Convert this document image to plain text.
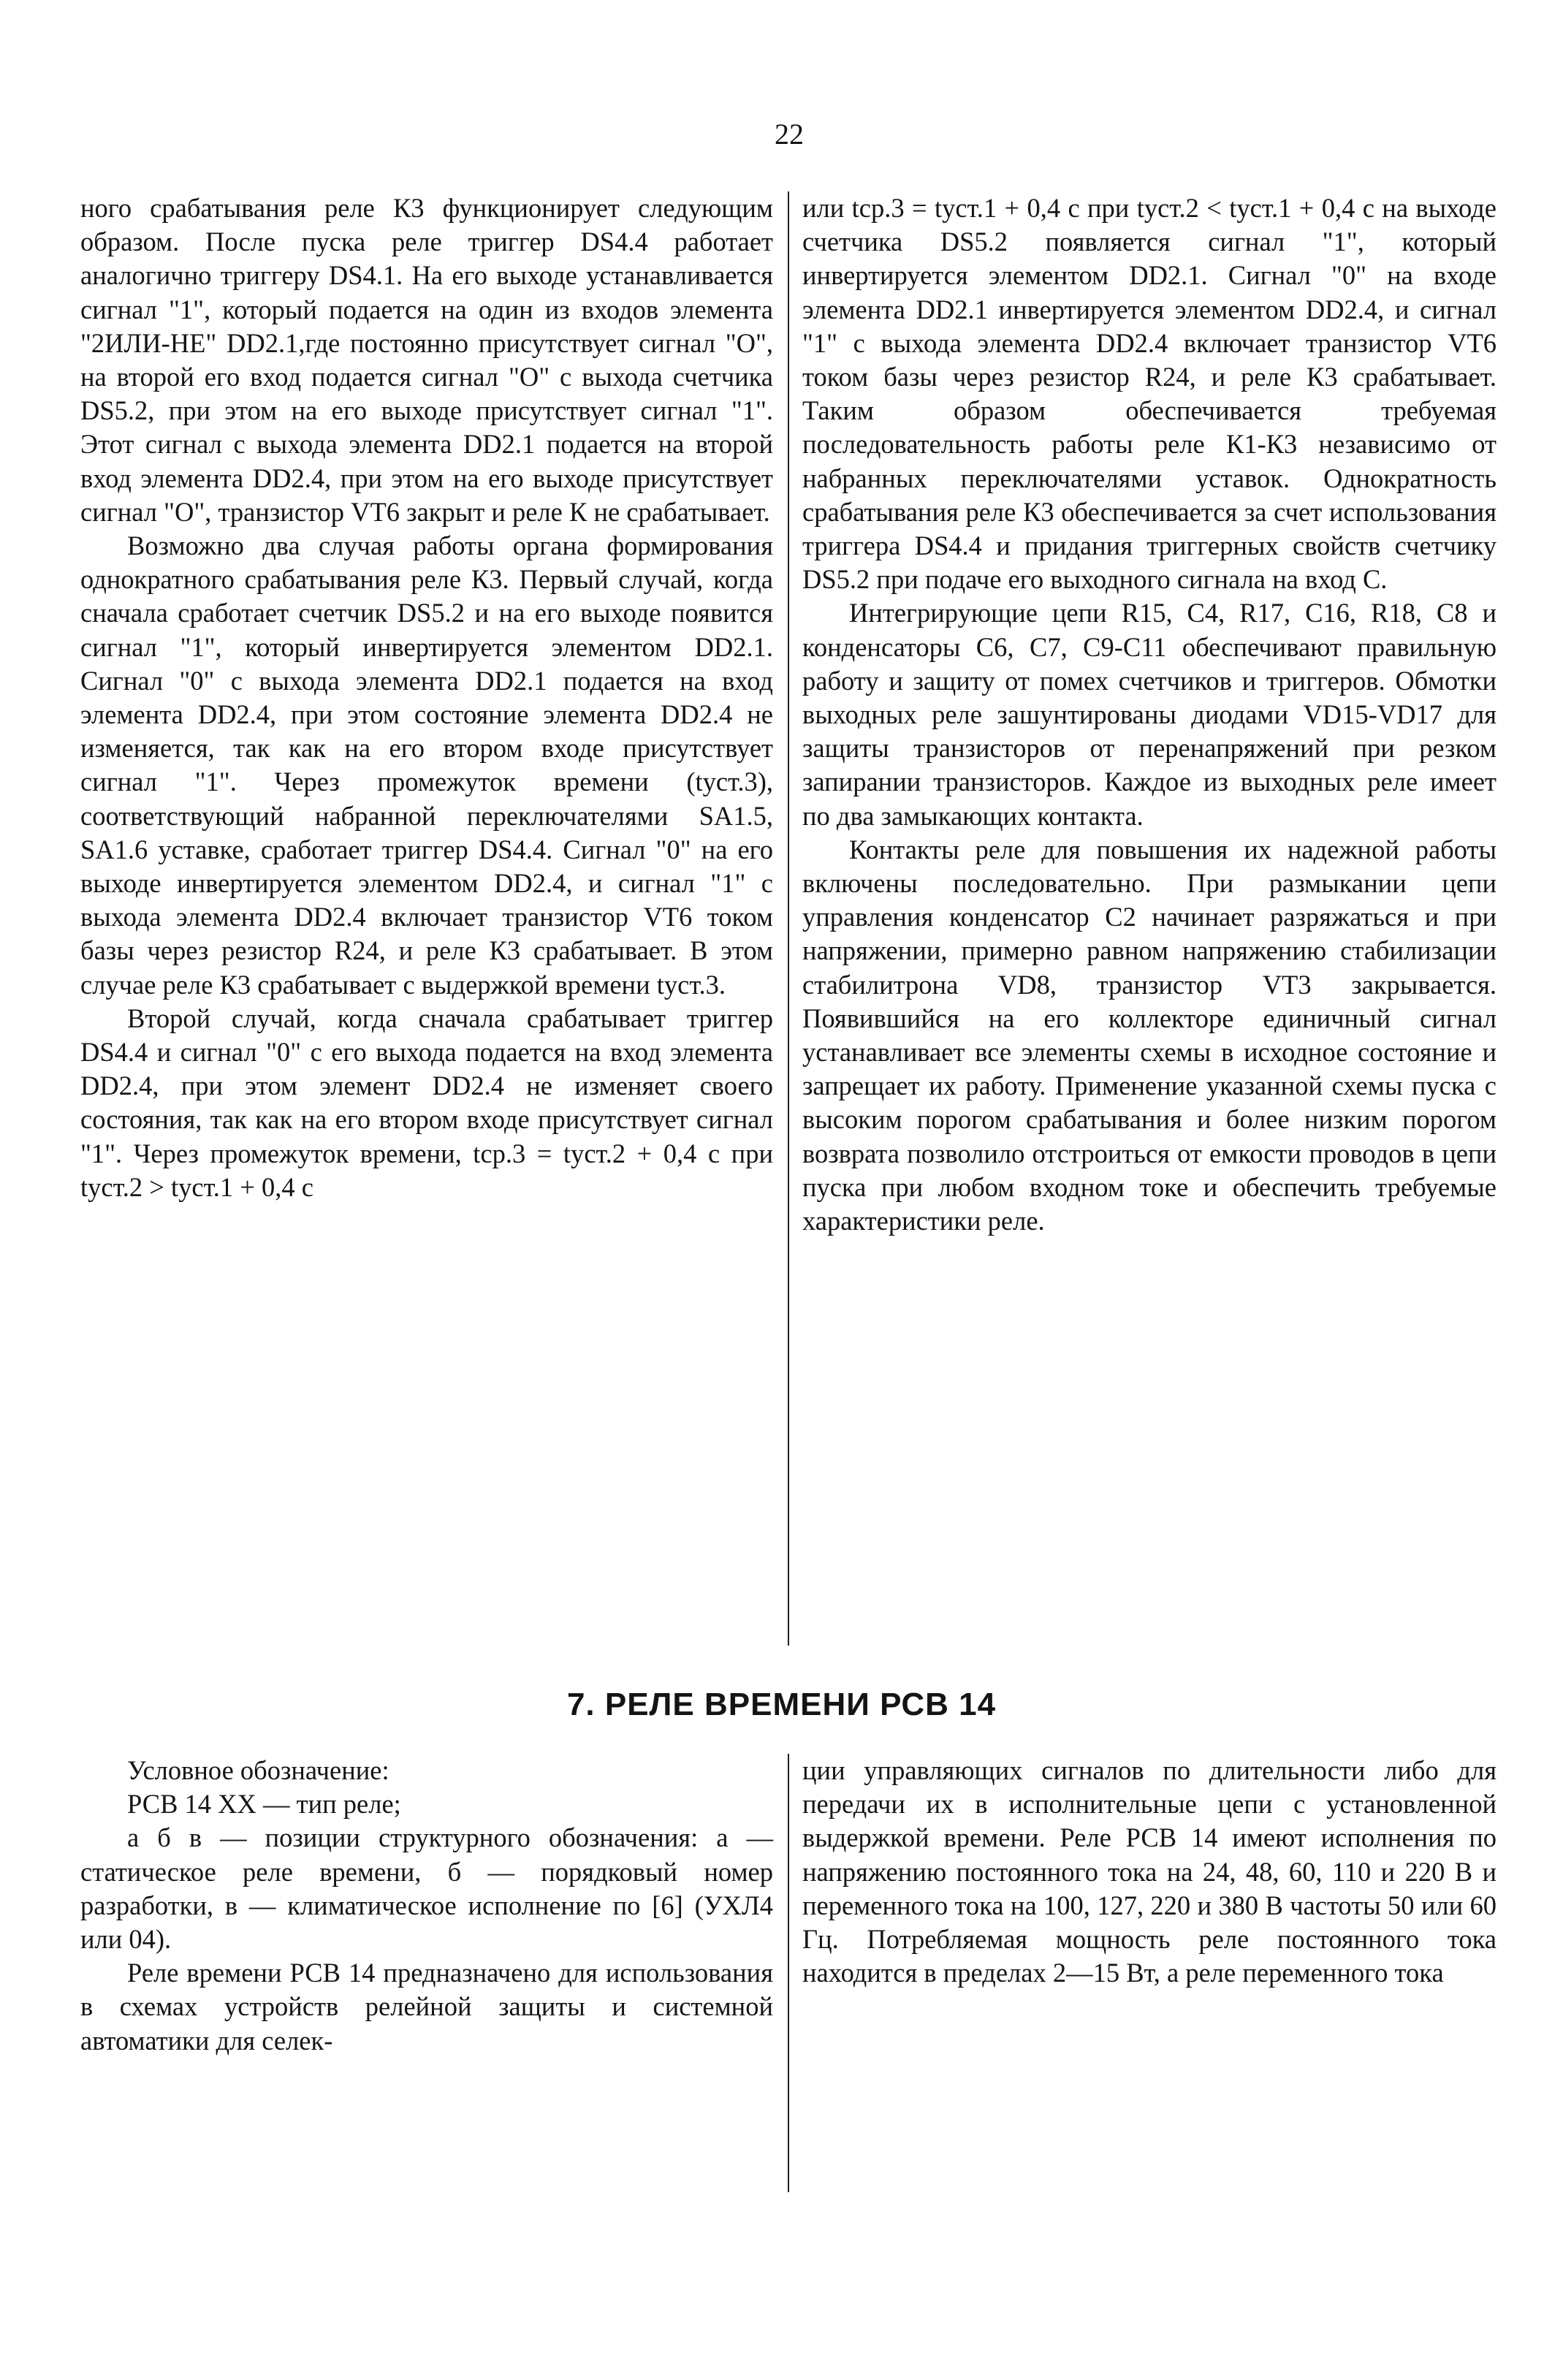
22

ного срабатывания реле К3 функционирует следующим образом. После пуска реле триггер DS4.4 работает аналогично триггеру DS4.1. На его выходе устанавливается сигнал "1", который подается на один из входов элемента "2ИЛИ-НЕ" DD2.1,где постоянно присутствует сигнал "О", на второй его вход подается сигнал "О" с выхода счетчика DS5.2, при этом на его выходе присутствует сигнал "1". Этот сигнал с выхода элемента DD2.1 подается на второй вход элемента DD2.4, при этом на его выходе присутствует сигнал "О", транзистор VT6 закрыт и реле К не срабатывает.

Возможно два случая работы органа формирования однократного срабатывания реле К3. Первый случай, когда сначала сработает счетчик DS5.2 и на его выходе появится сигнал "1", который инвертируется элементом DD2.1. Сигнал "0" с выхода элемента DD2.1 подается на вход элемента DD2.4, при этом состояние элемента DD2.4 не изменяется, так как на его втором входе присутствует сигнал "1". Через промежуток времени (tуст.3), соответствующий набранной переключателями SA1.5, SA1.6 уставке, сработает триггер DS4.4. Сигнал "0" на его выходе инвертируется элементом DD2.4, и сигнал "1" с выхода элемента DD2.4 включает транзистор VT6 током базы через резистор R24, и реле К3 срабатывает. В этом случае реле К3 срабатывает с выдержкой времени tуст.3.

Второй случай, когда сначала срабатывает триггер DS4.4 и сигнал "0" с его выхода подается на вход элемента DD2.4, при этом элемент DD2.4 не изменяет своего состояния, так как на его втором входе присутствует сигнал "1". Через промежуток времени, tср.3 = tуст.2 + 0,4 с при tуст.2 > tуст.1 + 0,4 с

или tср.3 = tуст.1 + 0,4 с при tуст.2 < tуст.1 + 0,4 с на выходе счетчика DS5.2 появляется сигнал "1", который инвертируется элементом DD2.1. Сигнал "0" на входе элемента DD2.1 инвертируется элементом DD2.4, и сигнал "1" с выхода элемента DD2.4 включает транзистор VT6 током базы через резистор R24, и реле К3 срабатывает. Таким образом обеспечивается требуемая последовательность работы реле К1-К3 независимо от набранных переключателями уставок. Однократность срабатывания реле К3 обеспечивается за счет использования триггера DS4.4 и придания триггерных свойств счетчику DS5.2 при подаче его выходного сигнала на вход С.

Интегрирующие цепи R15, С4, R17, С16, R18, С8 и конденсаторы С6, С7, С9-С11 обеспечивают правильную работу и защиту от помех счетчиков и триггеров. Обмотки выходных реле зашунтированы диодами VD15-VD17 для защиты транзисторов от перенапряжений при резком запирании транзисторов. Каждое из выходных реле имеет по два замыкающих контакта.

Контакты реле для повышения их надежной работы включены последовательно. При размыкании цепи управления конденсатор С2 начинает разряжаться и при напряжении, примерно равном напряжению стабилизации стабилитрона VD8, транзистор VT3 закрывается. Появившийся на его коллекторе единичный сигнал устанавливает все элементы схемы в исходное состояние и запрещает их работу. Применение указанной схемы пуска с высоким порогом срабатывания и более низким порогом возврата позволило отстроиться от емкости проводов в цепи пуска при любом входном токе и обеспечить требуемые характеристики реле.

7. РЕЛЕ ВРЕМЕНИ РСВ 14

Условное обозначение:

РСВ 14 XX — тип реле;

а б в — позиции структурного обозначения: а — статическое реле времени, б — порядковый номер разработки, в — климатическое исполнение по [6] (УХЛ4 или 04).

Реле времени РСВ 14 предназначено для использования в схемах устройств релейной защиты и системной автоматики для селек-

ции управляющих сигналов по длительности либо для передачи их в исполнительные цепи с установленной выдержкой времени. Реле РСВ 14 имеют исполнения по напряжению постоянного тока на 24, 48, 60, 110 и 220 В и переменного тока на 100, 127, 220 и 380 В частоты 50 или 60 Гц. Потребляемая мощность реле постоянного тока находится в пределах 2—15 Вт, а реле переменного тока
